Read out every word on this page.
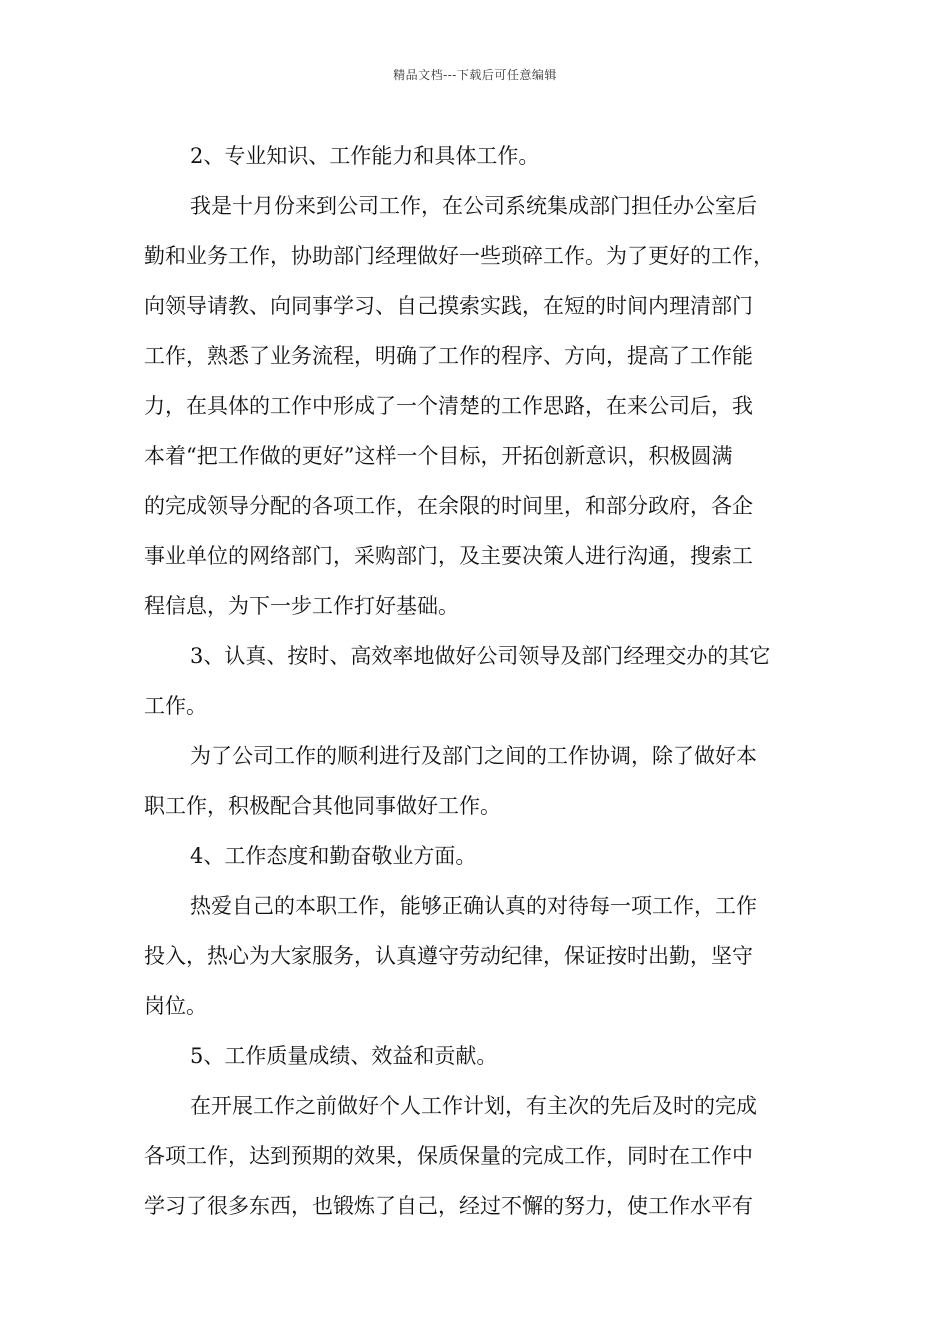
精品文档---下载后可任意编辑

2、专业知识、工作能力和具体工作。

我是十月份来到公司工作，在公司系统集成部门担任办公室后
勤和业务工作，协助部门经理做好一些琐碎工作。为了更好的工作，
向领导请教、向同事学习、自己摸索实践，在短的时间内理清部门
工作，熟悉了业务流程，明确了工作的程序、方向，提高了工作能
力，在具体的工作中形成了一个清楚的工作思路，在来公司后，我
本着“把工作做的更好”这样一个目标，开拓创新意识，积极圆满
的完成领导分配的各项工作，在余限的时间里，和部分政府，各企
事业单位的网络部门，采购部门，及主要决策人进行沟通，搜索工
程信息，为下一步工作打好基础。

3、认真、按时、高效率地做好公司领导及部门经理交办的其它
工作。

为了公司工作的顺利进行及部门之间的工作协调，除了做好本
职工作，积极配合其他同事做好工作。

4、工作态度和勤奋敬业方面。

热爱自己的本职工作，能够正确认真的对待每一项工作，工作
投入，热心为大家服务，认真遵守劳动纪律，保证按时出勤，坚守
岗位。

5、工作质量成绩、效益和贡献。

在开展工作之前做好个人工作计划，有主次的先后及时的完成
各项工作，达到预期的效果，保质保量的完成工作，同时在工作中
学习了很多东西，也锻炼了自己，经过不懈的努力，使工作水平有
